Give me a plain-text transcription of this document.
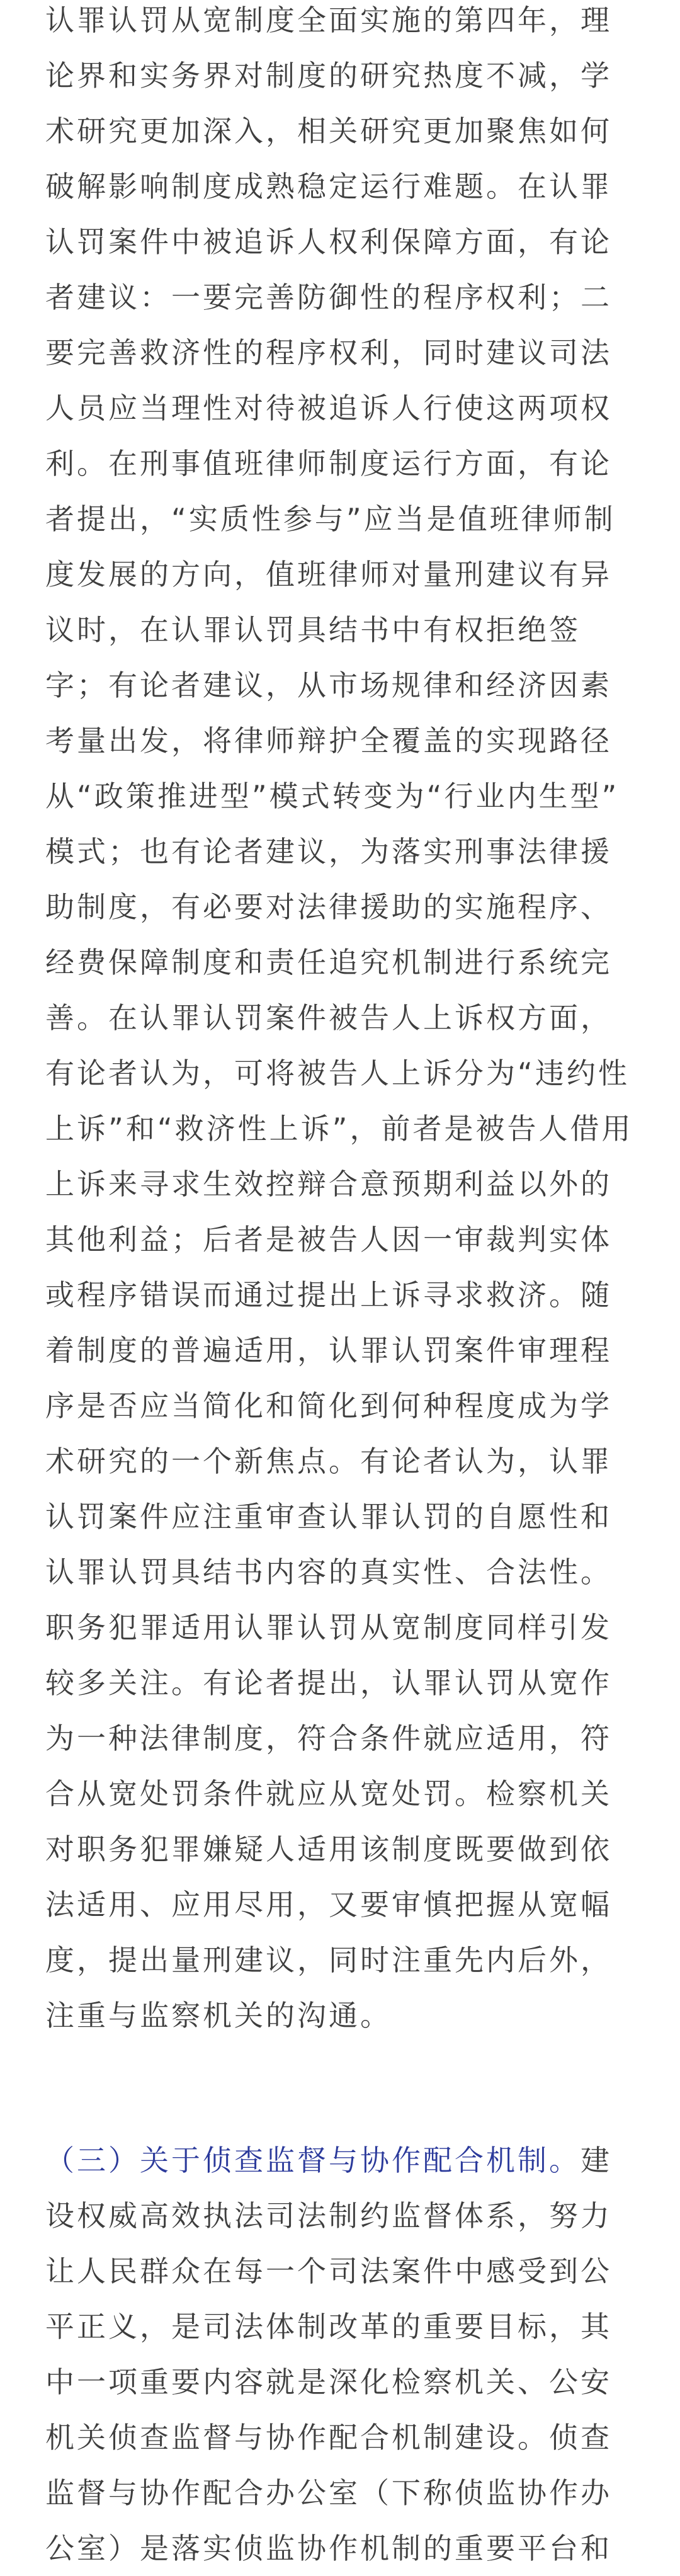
认罪认罚从宽制度全面实施的第四年，理
论界和实务界对制度的研究热度不减，学
术研究更加深入，相关研究更加聚焦如何
破解影响制度成熟稳定运行难题。在认罪
认罚案件中被追诉人权利保障方面，有论
者建议：一要完善防御性的程序权利；二
要完善救济性的程序权利，同时建议司法
人员应当理性对待被追诉人行使这两项权
利。在刑事值班律师制度运行方面，有论
者提出，“实质性参与”应当是值班律师制
度发展的方向，值班律师对量刑建议有异
议时，在认罪认罚具结书中有权拒绝签
字；有论者建议，从市场规律和经济因素
考量出发，将律师辩护全覆盖的实现路径
从“政策推进型”模式转变为“行业内生型”
模式；也有论者建议，为落实刑事法律援
助制度，有必要对法律援助的实施程序、
经费保障制度和责任追究机制进行系统完
善。在认罪认罚案件被告人上诉权方面，
有论者认为，可将被告人上诉分为“违约性
上诉”和“救济性上诉”，前者是被告人借用
上诉来寻求生效控辩合意预期利益以外的
其他利益；后者是被告人因一审裁判实体
或程序错误而通过提出上诉寻求救济。随
着制度的普遍适用，认罪认罚案件审理程
序是否应当简化和简化到何种程度成为学
术研究的一个新焦点。有论者认为，认罪
认罚案件应注重审查认罪认罚的自愿性和
认罪认罚具结书内容的真实性、合法性。
职务犯罪适用认罪认罚从宽制度同样引发
较多关注。有论者提出，认罪认罚从宽作
为一种法律制度，符合条件就应适用，符
合从宽处罚条件就应从宽处罚。检察机关
对职务犯罪嫌疑人适用该制度既要做到依
法适用、应用尽用，又要审慎把握从宽幅
度，提出量刑建议，同时注重先内后外，
注重与监察机关的沟通。
（三）关于侦查监督与协作配合机制。建
设权威高效执法司法制约监督体系，努力
让人民群众在每一个司法案件中感受到公
平正义，是司法体制改革的重要目标，其
中一项重要内容就是深化检察机关、公安
机关侦查监督与协作配合机制建设。侦查
监督与协作配合办公室（下称侦监协作办
公室）是落实侦监协作机制的重要平台和
